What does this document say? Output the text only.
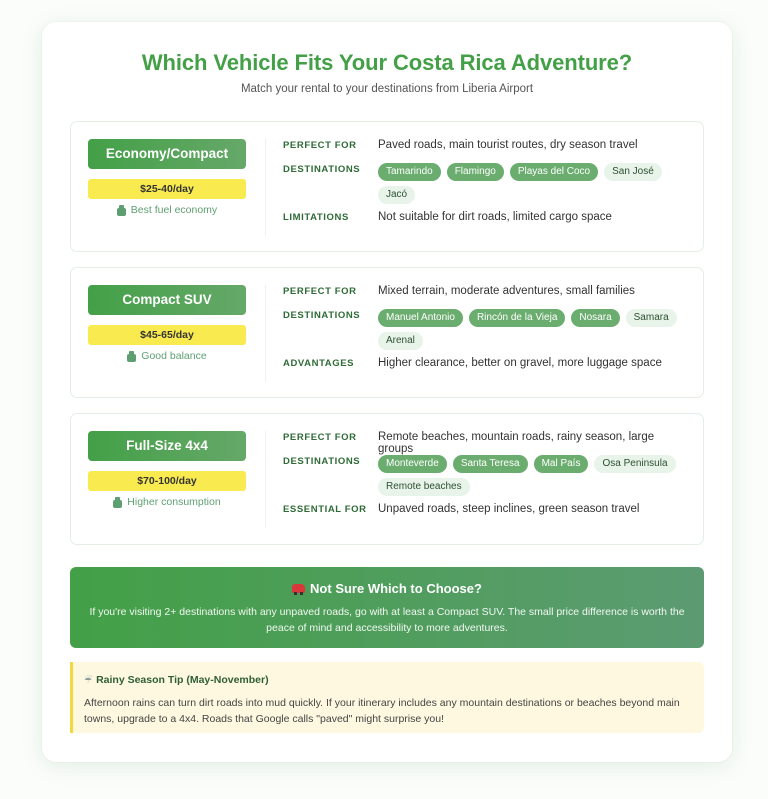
Which Vehicle Fits Your Costa Rica Adventure?

Match your rental to your destinations from Liberia Airport

Economy/Compact
$25-40/day
Best fuel economy
PERFECT FOR	Paved roads, main tourist routes, dry season travel
DESTINATIONS	Tamarindo	Flamingo	Playas del Coco	San José
Jacó
LIMITATIONS	Not suitable for dirt roads, limited cargo space
Compact SUV
$45-65/day
Good balance
PERFECT FOR	Mixed terrain, moderate adventures, small families
DESTINATIONS	Manuel Antonio	Rincón de la Vieja	Nosara	Samara
Arenal
ADVANTAGES	Higher clearance, better on gravel, more luggage space
Full-Size 4x4
$70-100/day
Higher consumption
PERFECT FOR	Remote beaches, mountain roads, rainy season, large groups
DESTINATIONS	Monteverde	Santa Teresa	Mal País	Osa Peninsula
Remote beaches
ESSENTIAL FOR Unpaved roads, steep inclines, green season travel
Not Sure Which to Choose?

If you're visiting 2+ destinations with any unpaved roads, go with at least a Compact SUV. The small price difference is worth the peace of mind and accessibility to more adventures.

☔ Rainy Season Tip (May-November)

Afternoon rains can turn dirt roads into mud quickly. If your itinerary includes any mountain destinations or beaches beyond main towns, upgrade to a 4x4. Roads that Google calls "paved" might surprise you!
